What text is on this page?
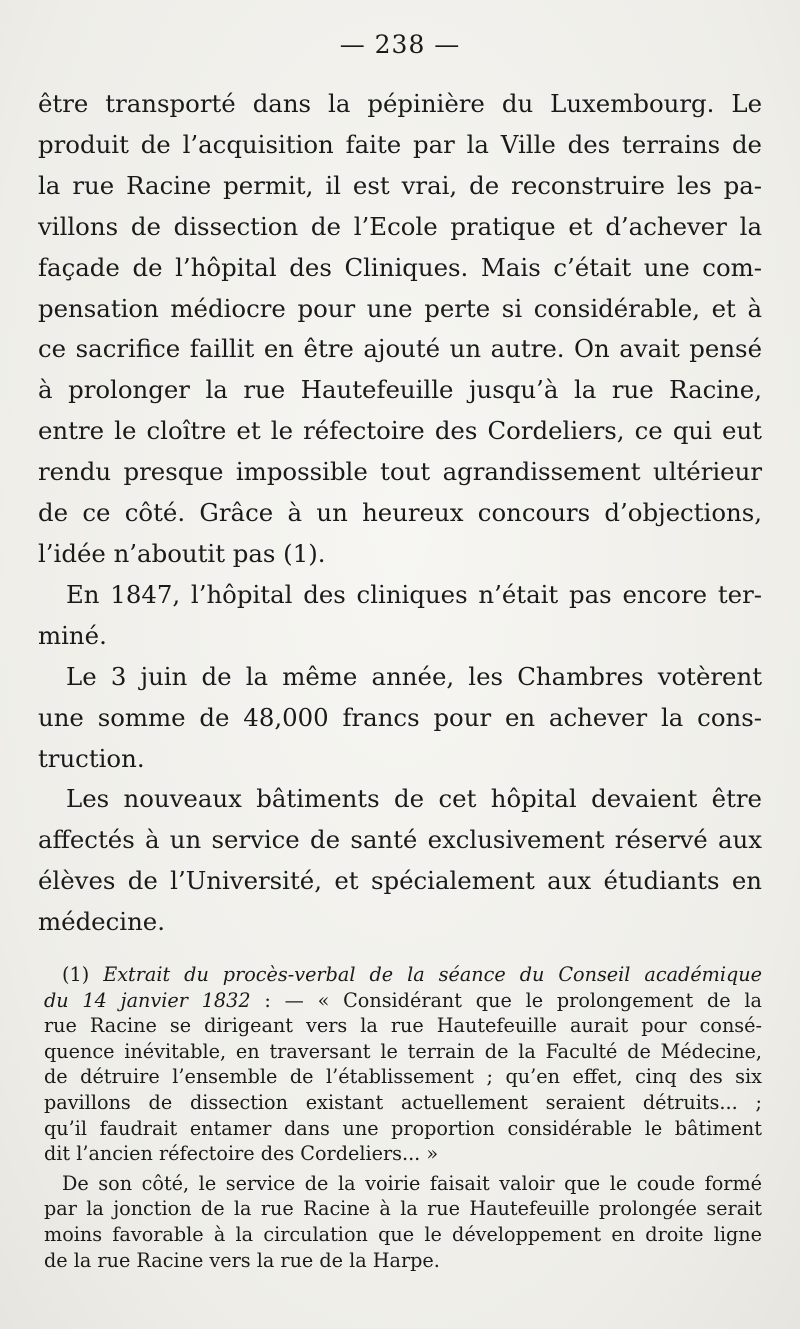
— 238 —

être transporté dans la pépinière du Luxembourg. Le
produit de l’acquisition faite par la Ville des terrains de
la rue Racine permit, il est vrai, de reconstruire les pa-
villons de dissection de l’Ecole pratique et d’achever la
façade de l’hôpital des Cliniques. Mais c’était une com-
pensation médiocre pour une perte si considérable, et à
ce sacrifice faillit en être ajouté un autre. On avait pensé
à prolonger la rue Hautefeuille jusqu’à la rue Racine,
entre le cloître et le réfectoire des Cordeliers, ce qui eut
rendu presque impossible tout agrandissement ultérieur
de ce côté. Grâce à un heureux concours d’objections,
l’idée n’aboutit pas (1).

En 1847, l’hôpital des cliniques n’était pas encore ter-
miné.

Le 3 juin de la même année, les Chambres votèrent
une somme de 48,000 francs pour en achever la cons-
truction.

Les nouveaux bâtiments de cet hôpital devaient être
affectés à un service de santé exclusivement réservé aux
élèves de l’Université, et spécialement aux étudiants en
médecine.

(1) Extrait du procès-verbal de la séance du Conseil académique
du 14 janvier 1832 : — « Considérant que le prolongement de la
rue Racine se dirigeant vers la rue Hautefeuille aurait pour consé-
quence inévitable, en traversant le terrain de la Faculté de Médecine,
de détruire l’ensemble de l’établissement ; qu’en effet, cinq des six
pavillons de dissection existant actuellement seraient détruits... ;
qu’il faudrait entamer dans une proportion considérable le bâtiment
dit l’ancien réfectoire des Cordeliers... »
De son côté, le service de la voirie faisait valoir que le coude formé
par la jonction de la rue Racine à la rue Hautefeuille prolongée serait
moins favorable à la circulation que le développement en droite ligne
de la rue Racine vers la rue de la Harpe.
